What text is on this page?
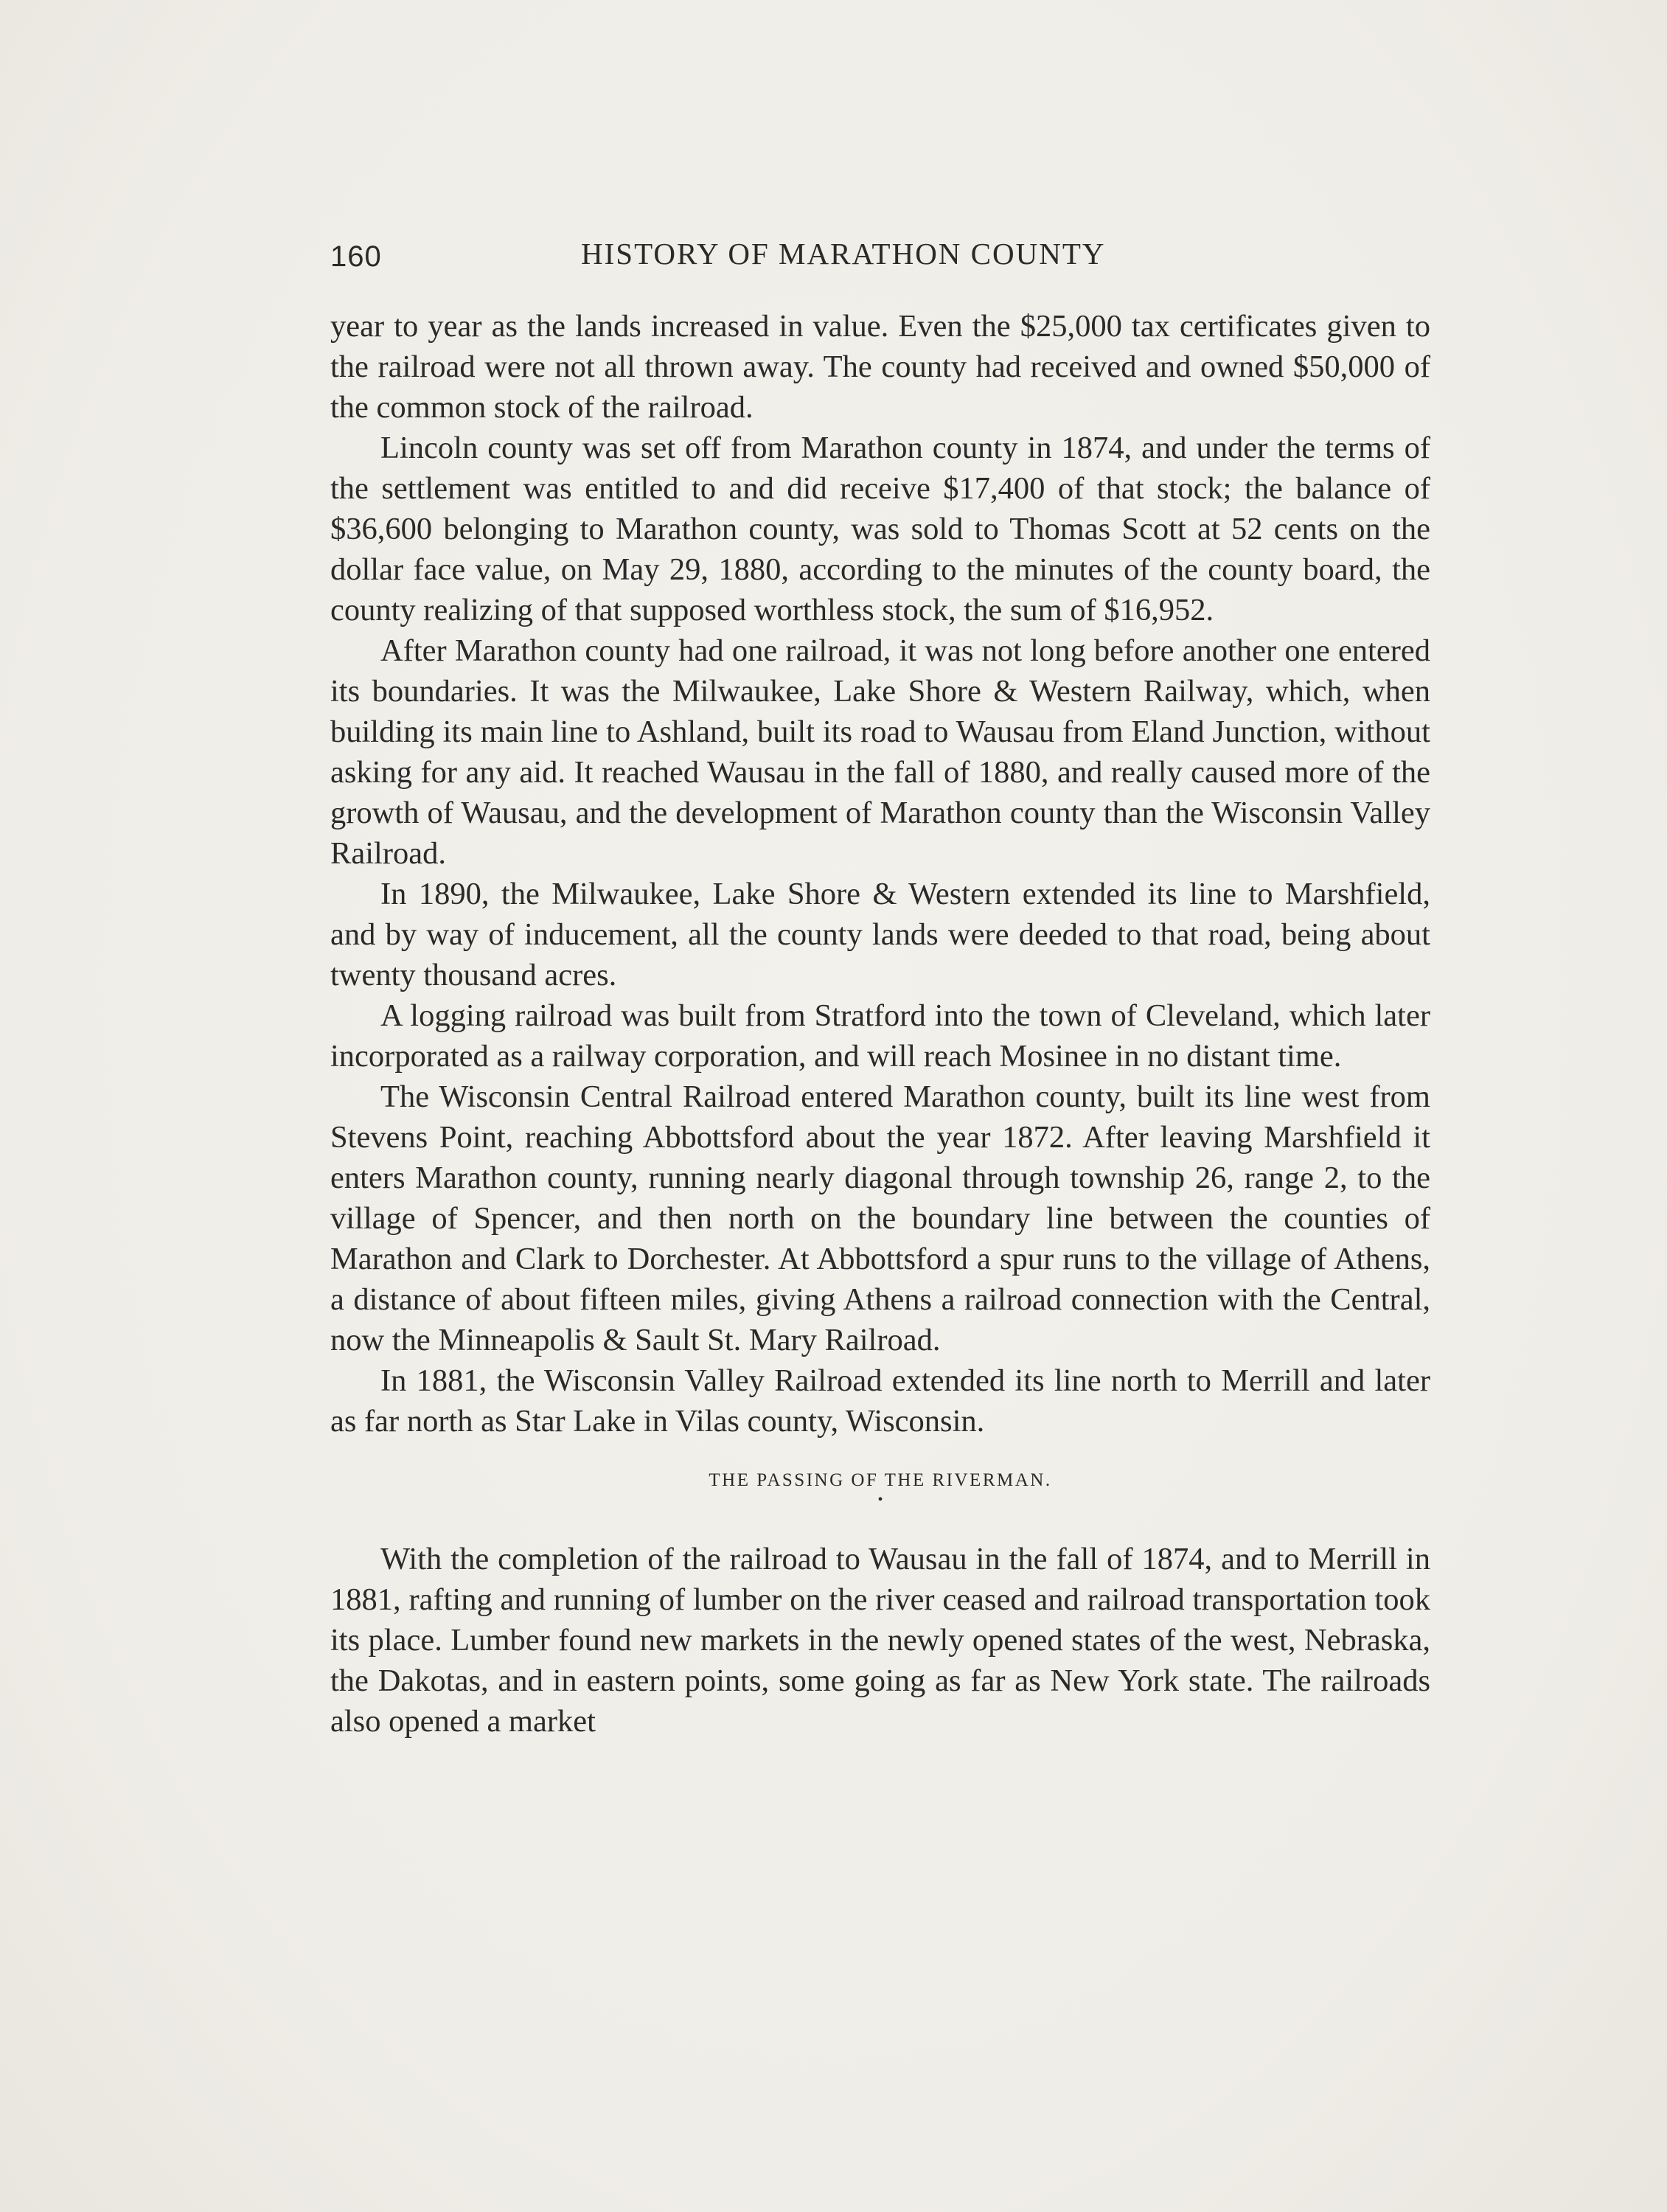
160	HISTORY OF MARATHON COUNTY

year to year as the lands increased in value. Even the $25,000 tax certificates given to the railroad were not all thrown away. The county had received and owned $50,000 of the common stock of the railroad.

Lincoln county was set off from Marathon county in 1874, and under the terms of the settlement was entitled to and did receive $17,400 of that stock; the balance of $36,600 belonging to Marathon county, was sold to Thomas Scott at 52 cents on the dollar face value, on May 29, 1880, according to the minutes of the county board, the county realizing of that supposed worthless stock, the sum of $16,952.

After Marathon county had one railroad, it was not long before another one entered its boundaries. It was the Milwaukee, Lake Shore & Western Railway, which, when building its main line to Ashland, built its road to Wausau from Eland Junction, without asking for any aid. It reached Wausau in the fall of 1880, and really caused more of the growth of Wausau, and the development of Marathon county than the Wisconsin Valley Railroad.

In 1890, the Milwaukee, Lake Shore & Western extended its line to Marshfield, and by way of inducement, all the county lands were deeded to that road, being about twenty thousand acres.

A logging railroad was built from Stratford into the town of Cleveland, which later incorporated as a railway corporation, and will reach Mosinee in no distant time.

The Wisconsin Central Railroad entered Marathon county, built its line west from Stevens Point, reaching Abbottsford about the year 1872. After leaving Marshfield it enters Marathon county, running nearly diagonal through township 26, range 2, to the village of Spencer, and then north on the boundary line between the counties of Marathon and Clark to Dorchester. At Abbottsford a spur runs to the village of Athens, a distance of about fifteen miles, giving Athens a railroad connection with the Central, now the Minneapolis & Sault St. Mary Railroad.

In 1881, the Wisconsin Valley Railroad extended its line north to Merrill and later as far north as Star Lake in Vilas county, Wisconsin.

THE PASSING OF THE RIVERMAN.
•

With the completion of the railroad to Wausau in the fall of 1874, and to Merrill in 1881, rafting and running of lumber on the river ceased and railroad transportation took its place. Lumber found new markets in the newly opened states of the west, Nebraska, the Dakotas, and in eastern points, some going as far as New York state. The railroads also opened a market
